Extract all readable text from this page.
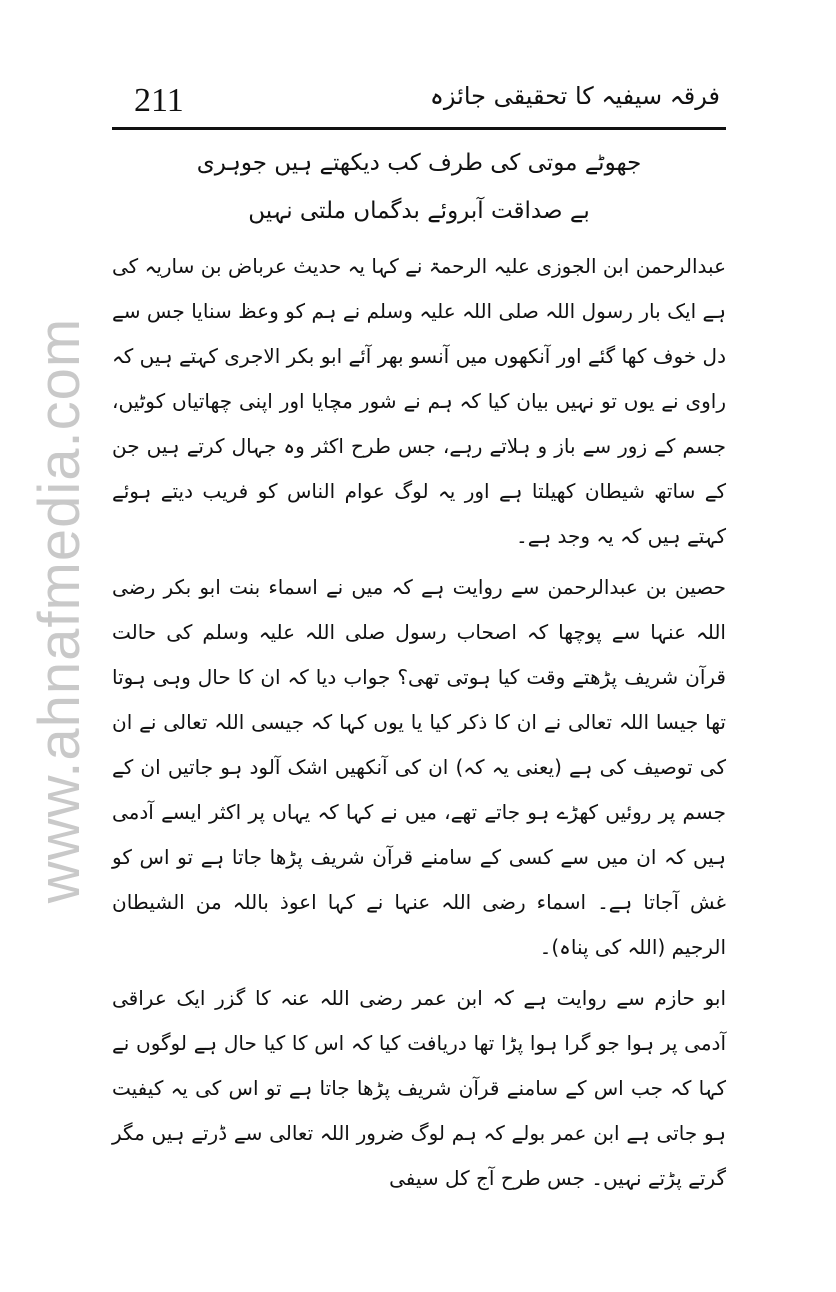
www.ahnafmedia.com
211	فرقہ سیفیہ کا تحقیقی جائزہ
جھوٹے موتی کی طرف کب دیکھتے ہیں جوہری
بے صداقت آبروئے بدگماں ملتی نہیں

عبدالرحمن ابن الجوزی علیہ الرحمۃ نے کہا یہ حدیث عرباض بن ساریہ کی ہے ایک بار رسول اللہ صلی اللہ علیہ وسلم نے ہم کو وعظ سنایا جس سے دل خوف کھا گئے اور آنکھوں میں آنسو بھر آئے ابو بکر الاجری کہتے ہیں کہ راوی نے یوں تو نہیں بیان کیا کہ ہم نے شور مچایا اور اپنی چھاتیاں کوٹیں، جسم کے زور سے باز و ہلاتے رہے، جس طرح اکثر وہ جہال کرتے ہیں جن کے ساتھ شیطان کھیلتا ہے اور یہ لوگ عوام الناس کو فریب دیتے ہوئے کہتے ہیں کہ یہ وجد ہے۔

حصین بن عبدالرحمن سے روایت ہے کہ میں نے اسماء بنت ابو بکر رضی اللہ عنہا سے پوچھا کہ اصحاب رسول صلی اللہ علیہ وسلم کی حالت قرآن شریف پڑھتے وقت کیا ہوتی تھی؟ جواب دیا کہ ان کا حال وہی ہوتا تھا جیسا اللہ تعالی نے ان کا ذکر کیا یا یوں کہا کہ جیسی اللہ تعالی نے ان کی توصیف کی ہے (یعنی یہ کہ) ان کی آنکھیں اشک آلود ہو جاتیں ان کے جسم پر روئیں کھڑے ہو جاتے تھے، میں نے کہا کہ یہاں پر اکثر ایسے آدمی ہیں کہ ان میں سے کسی کے سامنے قرآن شریف پڑھا جاتا ہے تو اس کو غش آجاتا ہے۔ اسماء رضی اللہ عنہا نے کہا اعوذ باللہ من الشیطان الرجیم (اللہ کی پناہ)۔

ابو حازم سے روایت ہے کہ ابن عمر رضی اللہ عنہ کا گزر ایک عراقی آدمی پر ہوا جو گرا ہوا پڑا تھا دریافت کیا کہ اس کا کیا حال ہے لوگوں نے کہا کہ جب اس کے سامنے قرآن شریف پڑھا جاتا ہے تو اس کی یہ کیفیت ہو جاتی ہے ابن عمر بولے کہ ہم لوگ ضرور اللہ تعالی سے ڈرتے ہیں مگر گرتے پڑتے نہیں۔ جس طرح آج کل سیفی
